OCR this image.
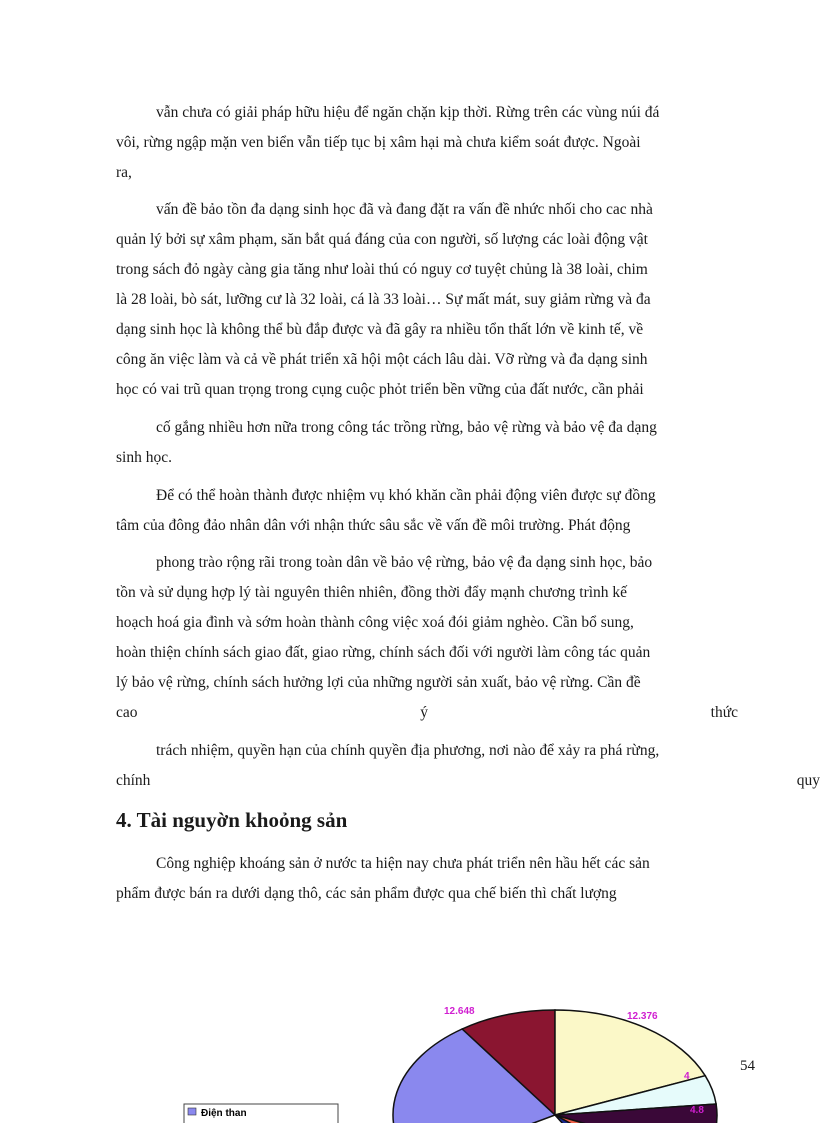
vẫn chưa có giải pháp hữu hiệu để ngăn chặn kịp thời. Rừng trên các vùng núi đá
vôi, rừng ngập mặn ven biển vẫn tiếp tục bị xâm hại mà chưa kiểm soát được. Ngoài
ra,
vấn đề bảo tồn đa dạng sinh học đã và đang đặt ra vấn đề nhức nhối cho cac nhà
quản lý bởi sự xâm phạm, săn bắt quá đáng của con người, số lượng các loài động vật
trong sách đỏ ngày càng gia tăng như loài thú có nguy cơ tuyệt chủng là 38 loài, chim
là 28 loài, bò sát, lưỡng cư là 32 loài, cá là 33 loài… Sự mất mát, suy giảm rừng và đa
dạng sinh học là không thể bù đắp được và đã gây ra nhiều tổn thất lớn về kinh tế, về
công ăn việc làm và cả về phát triển xã hội một cách lâu dài. Vỡ rừng và đa dạng sinh
học có vai trũ quan trọng trong cụng cuộc phỏt triển bền vững của đất nước, cần phải
cố gắng nhiều hơn nữa trong công tác trồng rừng, bảo vệ rừng và bảo vệ đa dạng
sinh học.
Để có thể hoàn thành được nhiệm vụ khó khăn cần phải động viên được sự đồng
tâm của đông đảo nhân dân với nhận thức sâu sắc về vấn đề môi trường. Phát động
phong trào rộng rãi trong toàn dân về bảo vệ rừng, bảo vệ đa dạng sinh học, bảo
tồn và sử dụng hợp lý tài nguyên thiên nhiên, đồng thời đẩy mạnh chương trình kế
hoạch hoá gia đình và sớm hoàn thành công việc xoá đói giảm nghèo. Cần bổ sung,
hoàn thiện chính sách giao đất, giao rừng, chính sách đối với người làm công tác quản
lý bảo vệ rừng, chính sách hưởng lợi của những người sản xuất, bảo vệ rừng. Cần đề
cao	ý	thức
trách nhiệm, quyền hạn của chính quyền địa phương, nơi nào để xảy ra phá rừng,
chính	quy
4. Tài nguyờn khoỏng sản
Công nghiệp khoáng sản ở nước ta hiện nay chưa phát triển nên hầu hết các sản
phẩm được bán ra dưới dạng thô, các sản phẩm được qua chế biến thì chất lượng
54
12.648	12.376
4
4.8
Điện than
